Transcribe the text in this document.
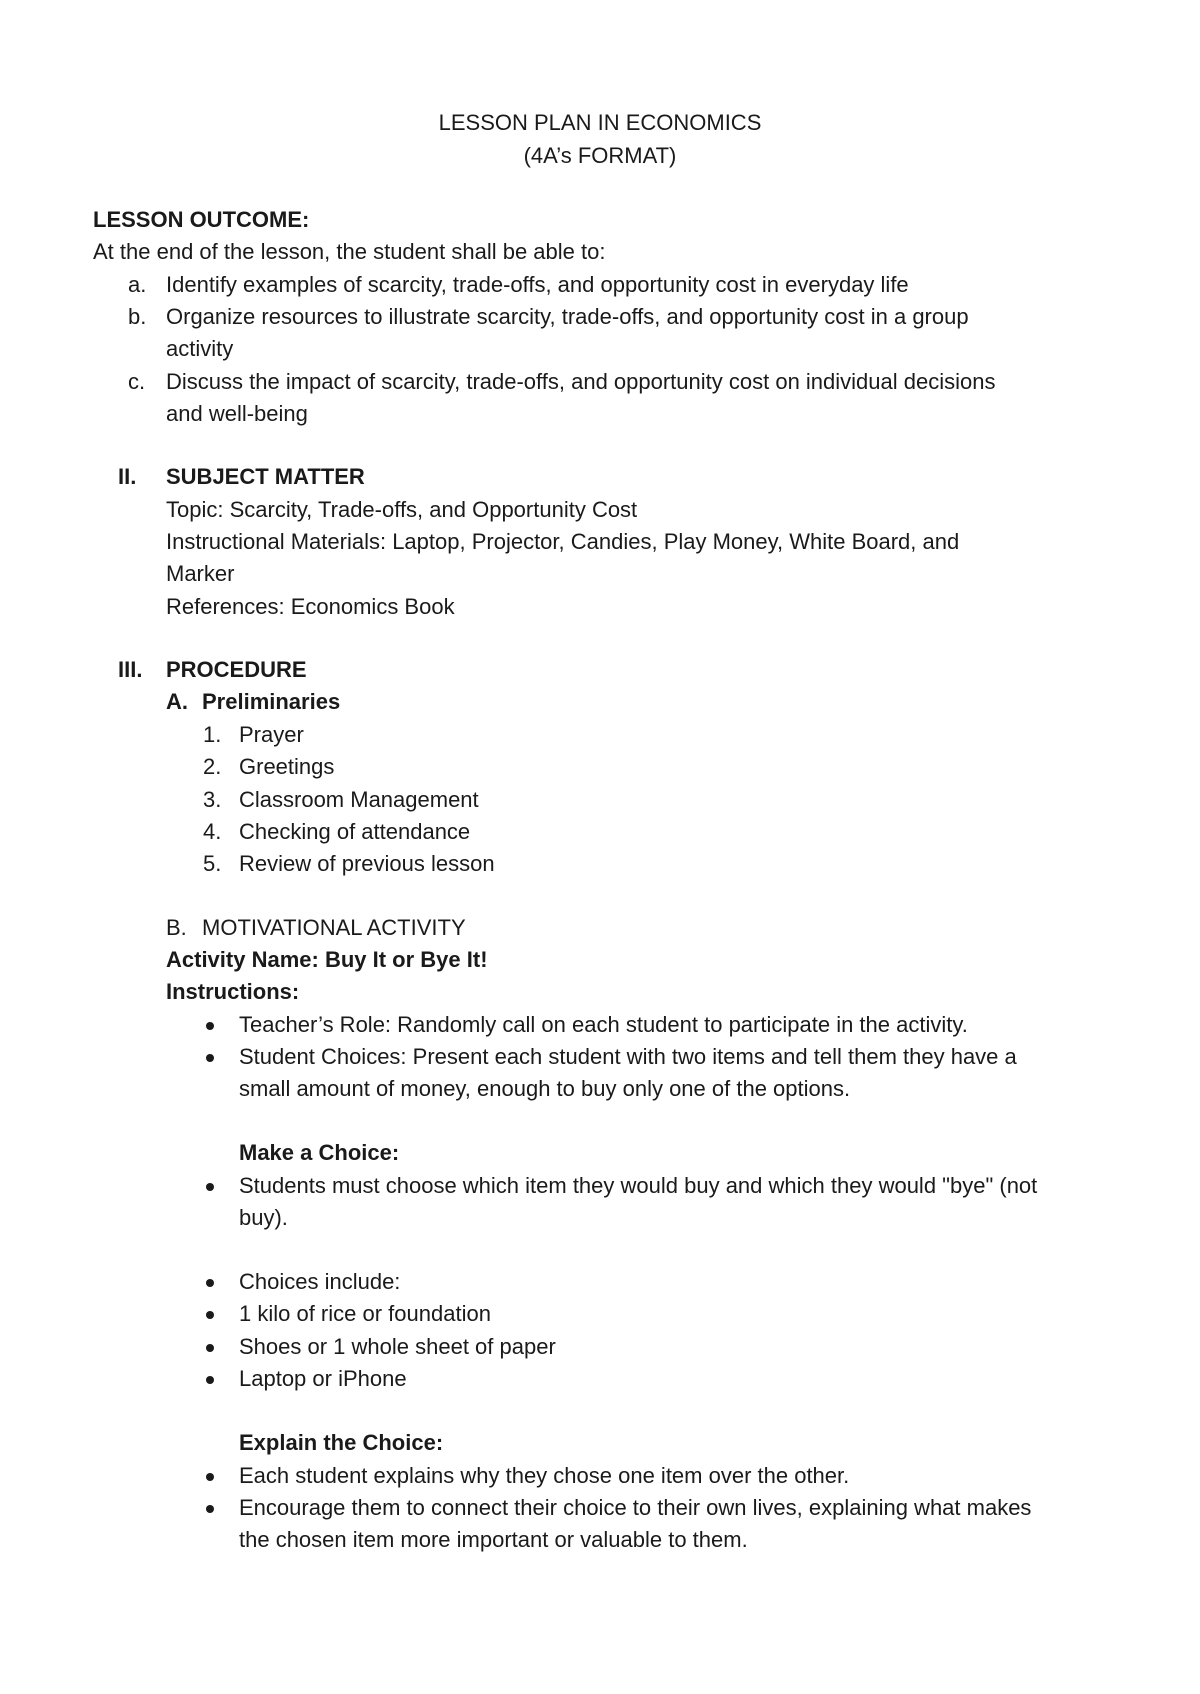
LESSON PLAN IN ECONOMICS
(4A’s FORMAT)
LESSON OUTCOME:
At the end of the lesson, the student shall be able to:
a. Identify examples of scarcity, trade-offs, and opportunity cost in everyday life
b. Organize resources to illustrate scarcity, trade-offs, and opportunity cost in a group
activity
c. Discuss the impact of scarcity, trade-offs, and opportunity cost on individual decisions
and well-being
II.	SUBJECT MATTER
Topic: Scarcity, Trade-offs, and Opportunity Cost
Instructional Materials: Laptop, Projector, Candies, Play Money, White Board, and
Marker
References: Economics Book
III.	PROCEDURE
A. Preliminaries
1. Prayer
2. Greetings
3. Classroom Management
4. Checking of attendance
5. Review of previous lesson
B. MOTIVATIONAL ACTIVITY
Activity Name: Buy It or Bye It!
Instructions:
Teacher’s Role: Randomly call on each student to participate in the activity.
Student Choices: Present each student with two items and tell them they have a
small amount of money, enough to buy only one of the options.
Make a Choice:
Students must choose which item they would buy and which they would "bye" (not
buy).
Choices include:
1 kilo of rice or foundation
Shoes or 1 whole sheet of paper
Laptop or iPhone
Explain the Choice:
Each student explains why they chose one item over the other.
Encourage them to connect their choice to their own lives, explaining what makes
the chosen item more important or valuable to them.
